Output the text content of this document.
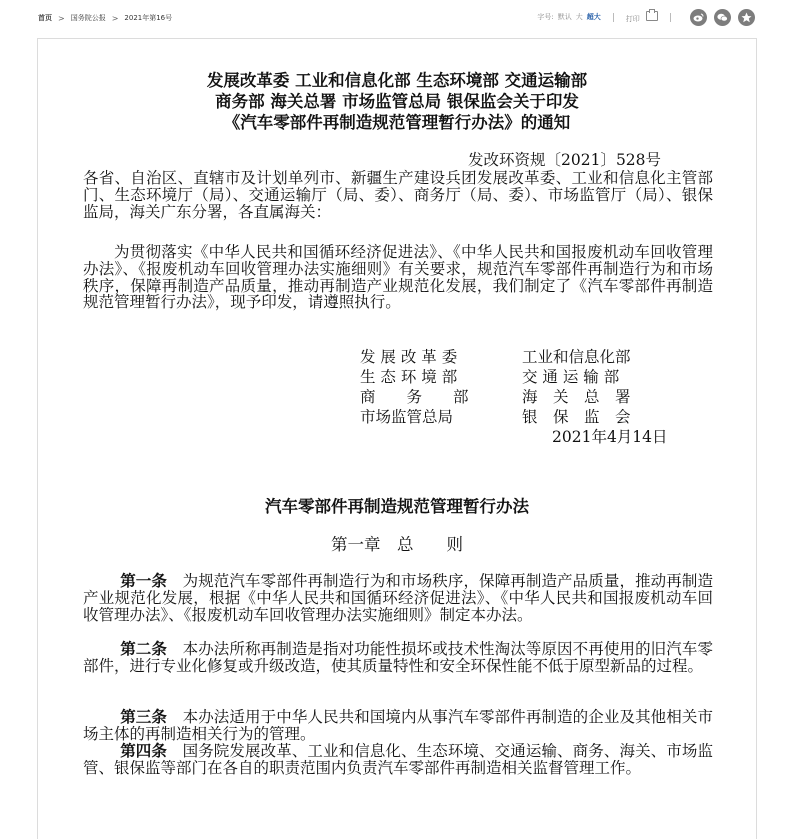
首页 > 国务院公报 > 2021年第16号	字号: 默认 大 超大	打印
发展改革委 工业和信息化部 生态环境部 交通运输部
商务部 海关总署 市场监管总局 银保监会关于印发
《汽车零部件再制造规范管理暂行办法》的通知
发改环资规〔2021〕528号
各省、自治区、直辖市及计划单列市、新疆生产建设兵团发展改革委、工业和信息化主管部门、生态环境厅（局）、交通运输厅（局、委）、商务厅（局、委）、市场监管厅（局）、银保监局，海关广东分署，各直属海关：
为贯彻落实《中华人民共和国循环经济促进法》、《中华人民共和国报废机动车回收管理办法》、《报废机动车回收管理办法实施细则》有关要求，规范汽车零部件再制造行为和市场秩序，保障再制造产品质量，推动再制造产业规范化发展，我们制定了《汽车零部件再制造规范管理暂行办法》，现予印发，请遵照执行。
发 展 改 革 委
生 态 环 境 部
商　　务　　部
市场监管总局
工业和信息化部
交 通 运 输 部
海　关　总　署
银　保　监　会
2021年4月14日
汽车零部件再制造规范管理暂行办法
第一章　总　　则
第一条　为规范汽车零部件再制造行为和市场秩序，保障再制造产品质量，推动再制造产业规范化发展，根据《中华人民共和国循环经济促进法》、《中华人民共和国报废机动车回收管理办法》、《报废机动车回收管理办法实施细则》制定本办法。
第二条　本办法所称再制造是指对功能性损坏或技术性淘汰等原因不再使用的旧汽车零部件，进行专业化修复或升级改造，使其质量特性和安全环保性能不低于原型新品的过程。
第三条　本办法适用于中华人民共和国境内从事汽车零部件再制造的企业及其他相关市场主体的再制造相关行为的管理。
第四条　国务院发展改革、工业和信息化、生态环境、交通运输、商务、海关、市场监管、银保监等部门在各自的职责范围内负责汽车零部件再制造相关监督管理工作。
